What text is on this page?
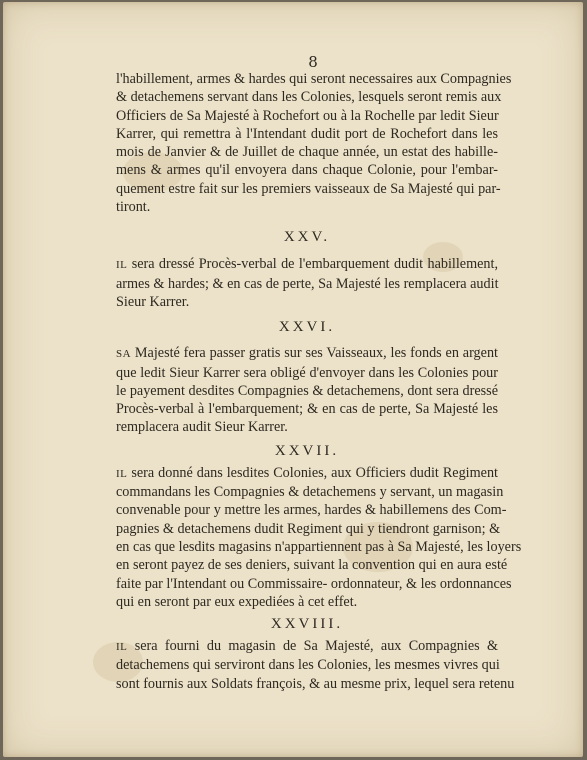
8
l'habillement, armes & hardes qui seront necessaires aux Compagnies
& detachemens servant dans les Colonies, lesquels seront remis aux
Officiers de Sa Majesté à Rochefort ou à la Rochelle par ledit Sieur
Karrer, qui remettra à l'Intendant dudit port de Rochefort dans les
mois de Janvier & de Juillet de chaque année, un estat des habille-
mens & armes qu'il envoyera dans chaque Colonie, pour l'embar-
quement estre fait sur les premiers vaisseaux de Sa Majesté qui par-
tiront.
XXV.
IL sera dressé Procès-verbal de l'embarquement dudit habillement,
armes & hardes; & en cas de perte, Sa Majesté les remplacera audit
Sieur Karrer.
XXVI.
SA Majesté fera passer gratis sur ses Vaisseaux, les fonds en argent
que ledit Sieur Karrer sera obligé d'envoyer dans les Colonies pour
le payement desdites Compagnies & detachemens, dont sera dressé
Procès-verbal à l'embarquement; & en cas de perte, Sa Majesté les
remplacera audit Sieur Karrer.
XXVII.
IL sera donné dans lesdites Colonies, aux Officiers dudit Regiment
commandans les Compagnies & detachemens y servant, un magasin
convenable pour y mettre les armes, hardes & habillemens des Com-
pagnies & detachemens dudit Regiment qui y tiendront garnison; &
en cas que lesdits magasins n'appartiennent pas à Sa Majesté, les loyers
en seront payez de ses deniers, suivant la convention qui en aura esté
faite par l'Intendant ou Commissaire- ordonnateur, & les ordonnances
qui en seront par eux expediées à cet effet.
XXVIII.
IL sera fourni du magasin de Sa Majesté, aux Compagnies &
detachemens qui serviront dans les Colonies, les mesmes vivres qui
sont fournis aux Soldats françois, & au mesme prix, lequel sera retenu
